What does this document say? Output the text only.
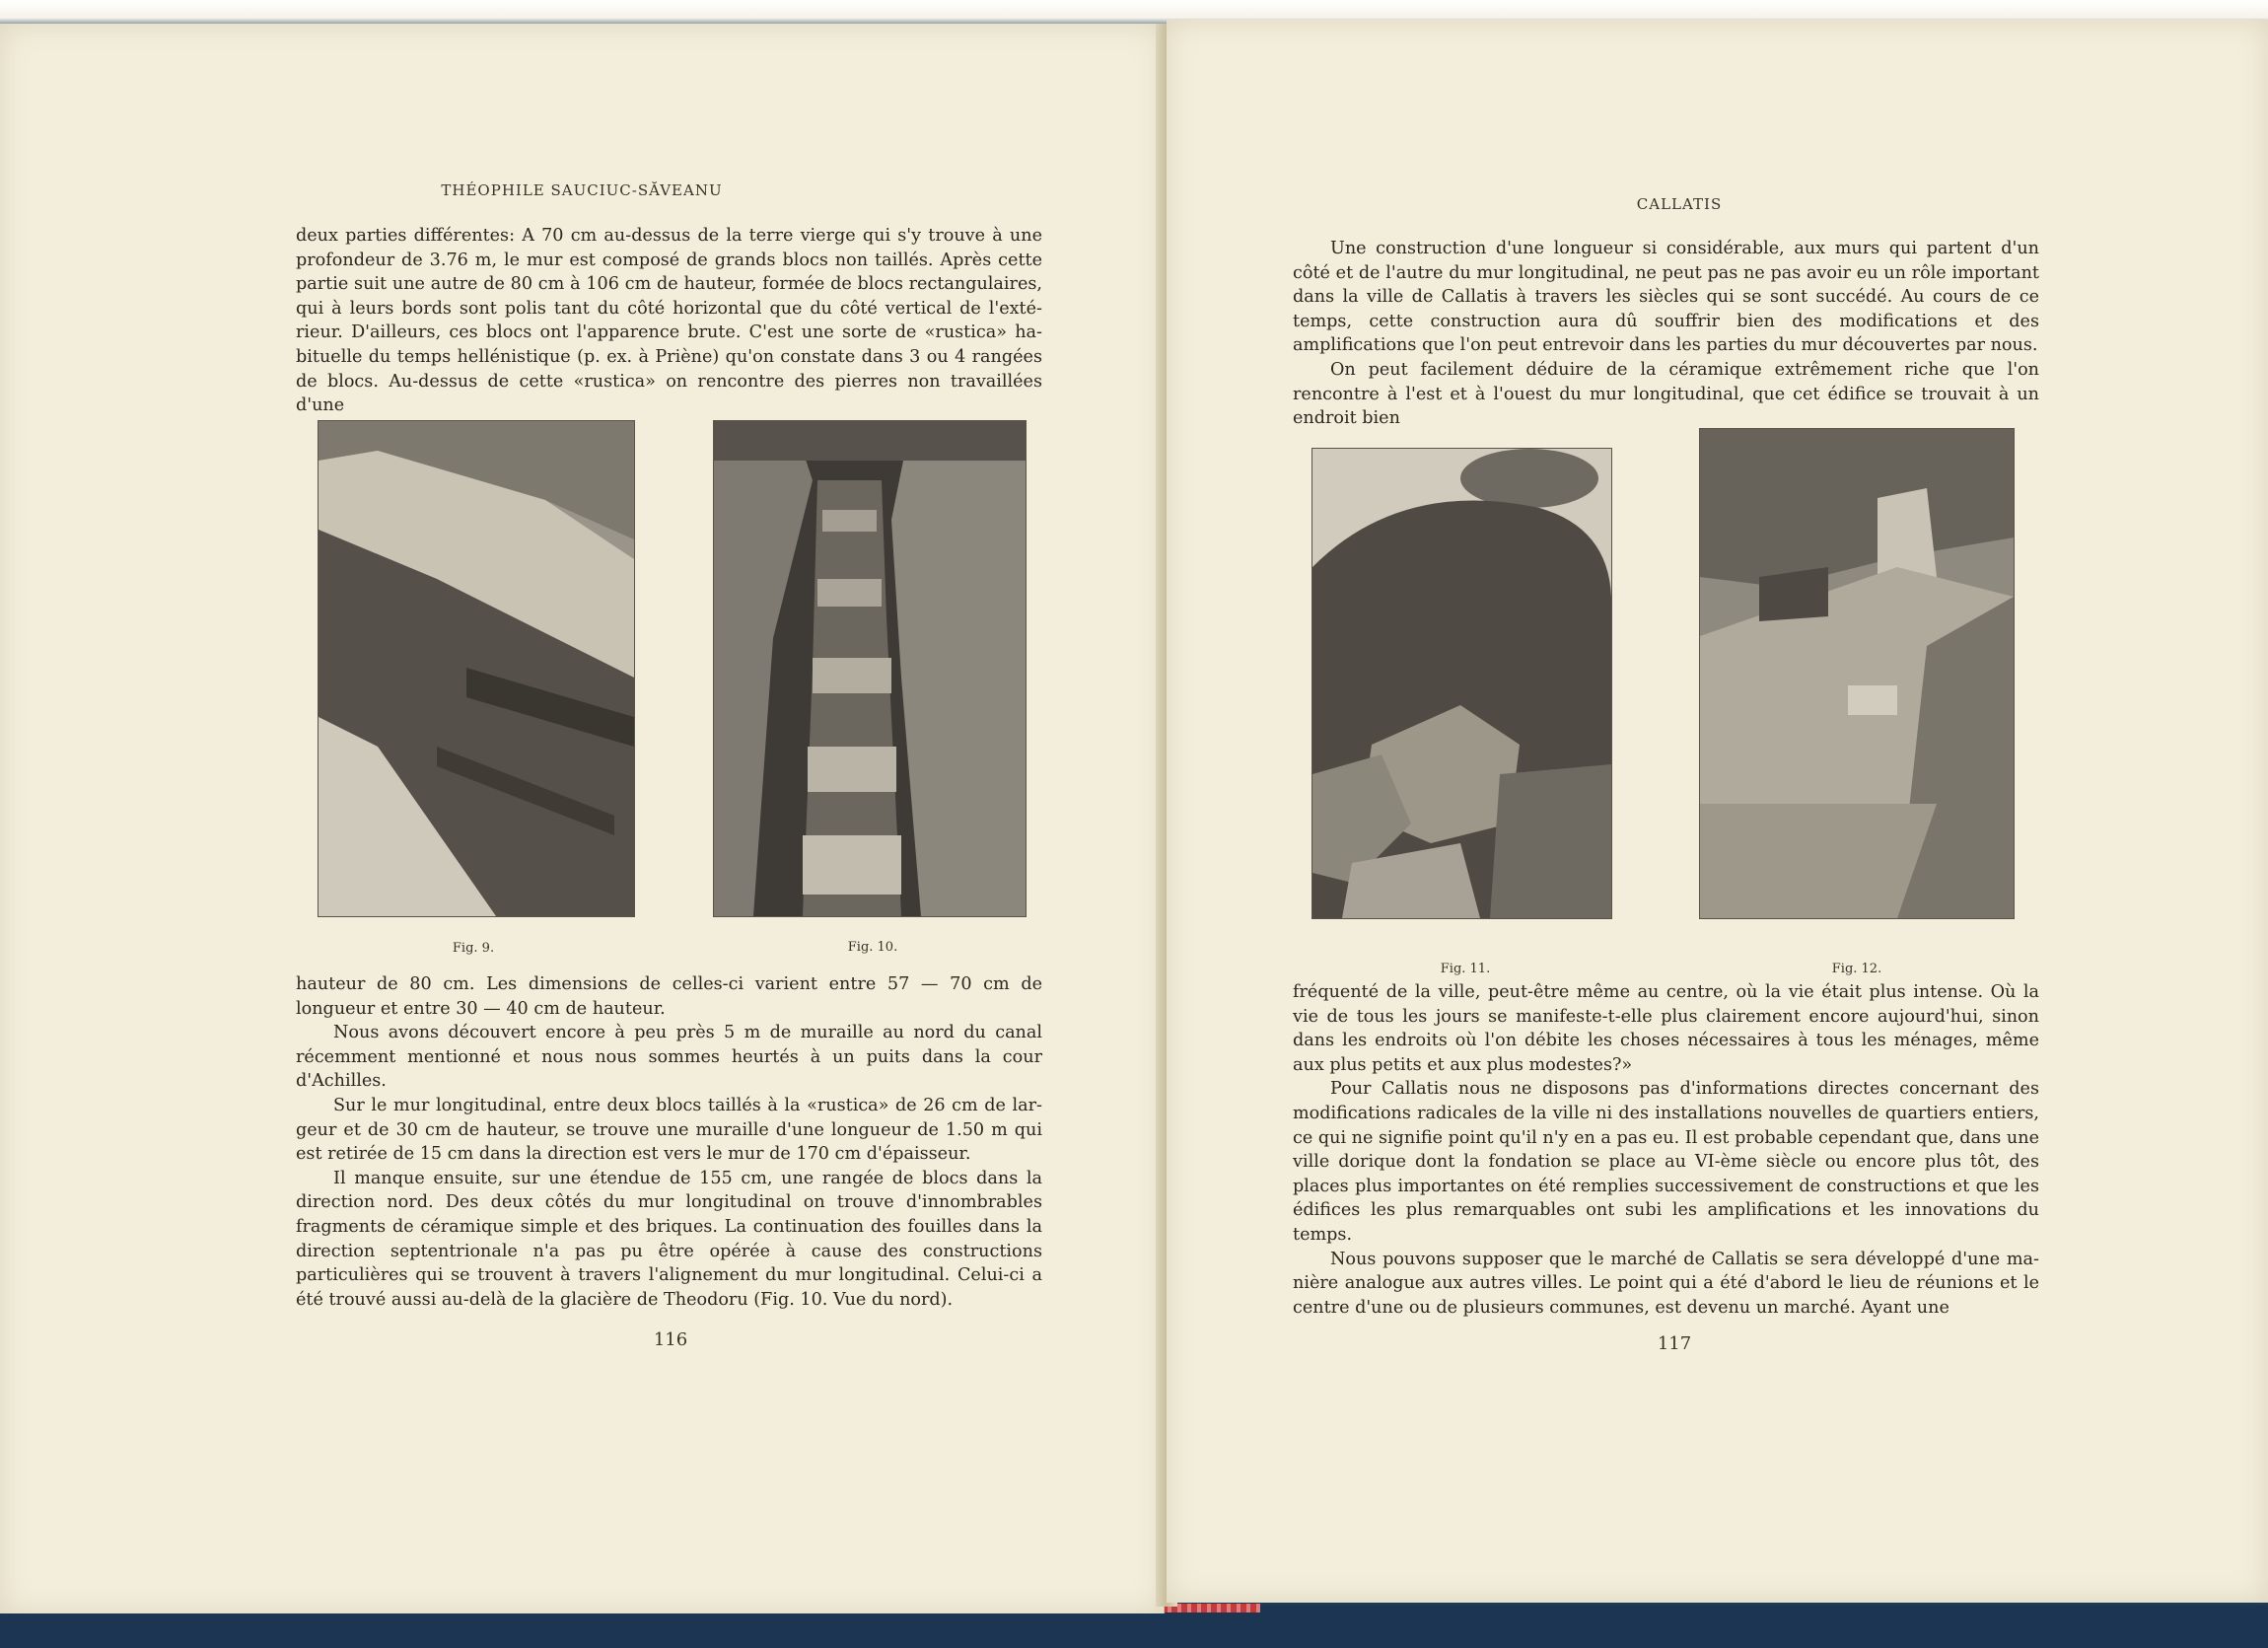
THÉOPHILE SAUCIUC-SĂVEANU

deux parties différentes: A 70 cm au-dessus de la terre vierge qui s'y trouve à une profondeur de 3.76 m, le mur est composé de grands blocs non taillés. Après cette partie suit une autre de 80 cm à 106 cm de hauteur, formée de blocs rectangulaires, qui à leurs bords sont polis tant du côté horizontal que du côté vertical de l'extérieur. D'ailleurs, ces blocs ont l'apparence brute. C'est une sorte de «rustica» habituelle du temps hellénistique (p. ex. à Priène) qu'on constate dans 3 ou 4 rangées de blocs. Au-dessus de cette «rustica» on rencontre des pierres non travaillées d'une

Fig. 9.	Fig. 10.

hauteur de 80 cm. Les dimensions de celles-ci varient entre 57 — 70 cm de longueur et entre 30 — 40 cm de hauteur.

Nous avons découvert encore à peu près 5 m de muraille au nord du canal récemment mentionné et nous nous sommes heurtés à un puits dans la cour d'Achilles.

Sur le mur longitudinal, entre deux blocs taillés à la «rustica» de 26 cm de largeur et de 30 cm de hauteur, se trouve une muraille d'une longueur de 1.50 m qui est retirée de 15 cm dans la direction est vers le mur de 170 cm d'épaisseur.

Il manque ensuite, sur une étendue de 155 cm, une rangée de blocs dans la direction nord. Des deux côtés du mur longitudinal on trouve d'innombrables fragments de céramique simple et des briques. La continuation des fouilles dans la direction septentrionale n'a pas pu être opérée à cause des constructions particulières qui se trouvent à travers l'alignement du mur longitudinal. Celui-ci a été trouvé aussi au-delà de la glacière de Theodoru (Fig. 10. Vue du nord).

116
CALLATIS

Une construction d'une longueur si considérable, aux murs qui partent d'un côté et de l'autre du mur longitudinal, ne peut pas ne pas avoir eu un rôle important dans la ville de Callatis à travers les siècles qui se sont succédé. Au cours de ce temps, cette construction aura dû souffrir bien des modifications et des amplifications que l'on peut entrevoir dans les parties du mur découvertes par nous.

On peut facilement déduire de la céramique extrêmement riche que l'on rencontre à l'est et à l'ouest du mur longitudinal, que cet édifice se trouvait à un endroit bien

Fig. 11.	Fig. 12.

fréquenté de la ville, peut-être même au centre, où la vie était plus intense. Où la vie de tous les jours se manifeste-t-elle plus clairement encore aujourd'hui, sinon dans les endroits où l'on débite les choses nécessaires à tous les ménages, même aux plus petits et aux plus modestes?»

Pour Callatis nous ne disposons pas d'informations directes concernant des modifications radicales de la ville ni des installations nouvelles de quartiers entiers, ce qui ne signifie point qu'il n'y en a pas eu. Il est probable cependant que, dans une ville dorique dont la fondation se place au VI-ème siècle ou encore plus tôt, des places plus importantes on été remplies successivement de constructions et que les édifices les plus remarquables ont subi les amplifications et les innovations du temps.

Nous pouvons supposer que le marché de Callatis se sera développé d'une manière analogue aux autres villes. Le point qui a été d'abord le lieu de réunions et le centre d'une ou de plusieurs communes, est devenu un marché. Ayant une

117
